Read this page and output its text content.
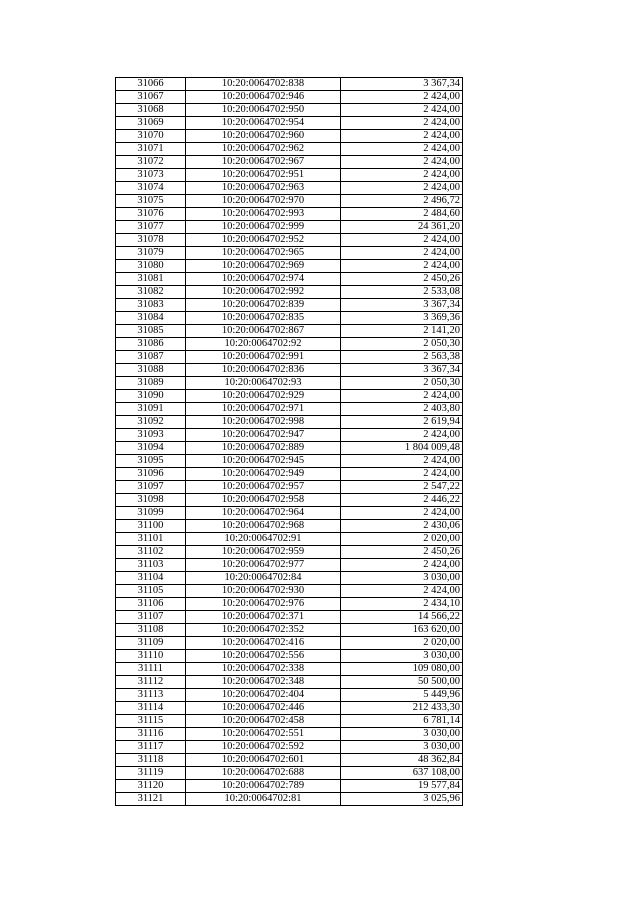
31066	10:20:0064702:838	3 367,34
31067	10:20:0064702:946	2 424,00
31068	10:20:0064702:950	2 424,00
31069	10:20:0064702:954	2 424,00
31070	10:20:0064702:960	2 424,00
31071	10:20:0064702:962	2 424,00
31072	10:20:0064702:967	2 424,00
31073	10:20:0064702:951	2 424,00
31074	10:20:0064702:963	2 424,00
31075	10:20:0064702:970	2 496,72
31076	10:20:0064702:993	2 484,60
31077	10:20:0064702:999	24 361,20
31078	10:20:0064702:952	2 424,00
31079	10:20:0064702:965	2 424,00
31080	10:20:0064702:969	2 424,00
31081	10:20:0064702:974	2 450,26
31082	10:20:0064702:992	2 533,08
31083	10:20:0064702:839	3 367,34
31084	10:20:0064702:835	3 369,36
31085	10:20:0064702:867	2 141,20
31086	10:20:0064702:92	2 050,30
31087	10:20:0064702:991	2 563,38
31088	10:20:0064702:836	3 367,34
31089	10:20:0064702:93	2 050,30
31090	10:20:0064702:929	2 424,00
31091	10:20:0064702:971	2 403,80
31092	10:20:0064702:998	2 619,94
31093	10:20:0064702:947	2 424,00
31094	10:20:0064702:889	1 804 009,48
31095	10:20:0064702:945	2 424,00
31096	10:20:0064702:949	2 424,00
31097	10:20:0064702:957	2 547,22
31098	10:20:0064702:958	2 446,22
31099	10:20:0064702:964	2 424,00
31100	10:20:0064702:968	2 430,06
31101	10:20:0064702:91	2 020,00
31102	10:20:0064702:959	2 450,26
31103	10:20:0064702:977	2 424,00
31104	10:20:0064702:84	3 030,00
31105	10:20:0064702:930	2 424,00
31106	10:20:0064702:976	2 434,10
31107	10:20:0064702:371	14 566,22
31108	10:20:0064702:352	163 620,00
31109	10:20:0064702:416	2 020,00
31110	10:20:0064702:556	3 030,00
31111	10:20:0064702:338	109 080,00
31112	10:20:0064702:348	50 500,00
31113	10:20:0064702:404	5 449,96
31114	10:20:0064702:446	212 433,30
31115	10:20:0064702:458	6 781,14
31116	10:20:0064702:551	3 030,00
31117	10:20:0064702:592	3 030,00
31118	10:20:0064702:601	48 362,84
31119	10:20:0064702:688	637 108,00
31120	10:20:0064702:789	19 577,84
31121	10:20:0064702:81	3 025,96
